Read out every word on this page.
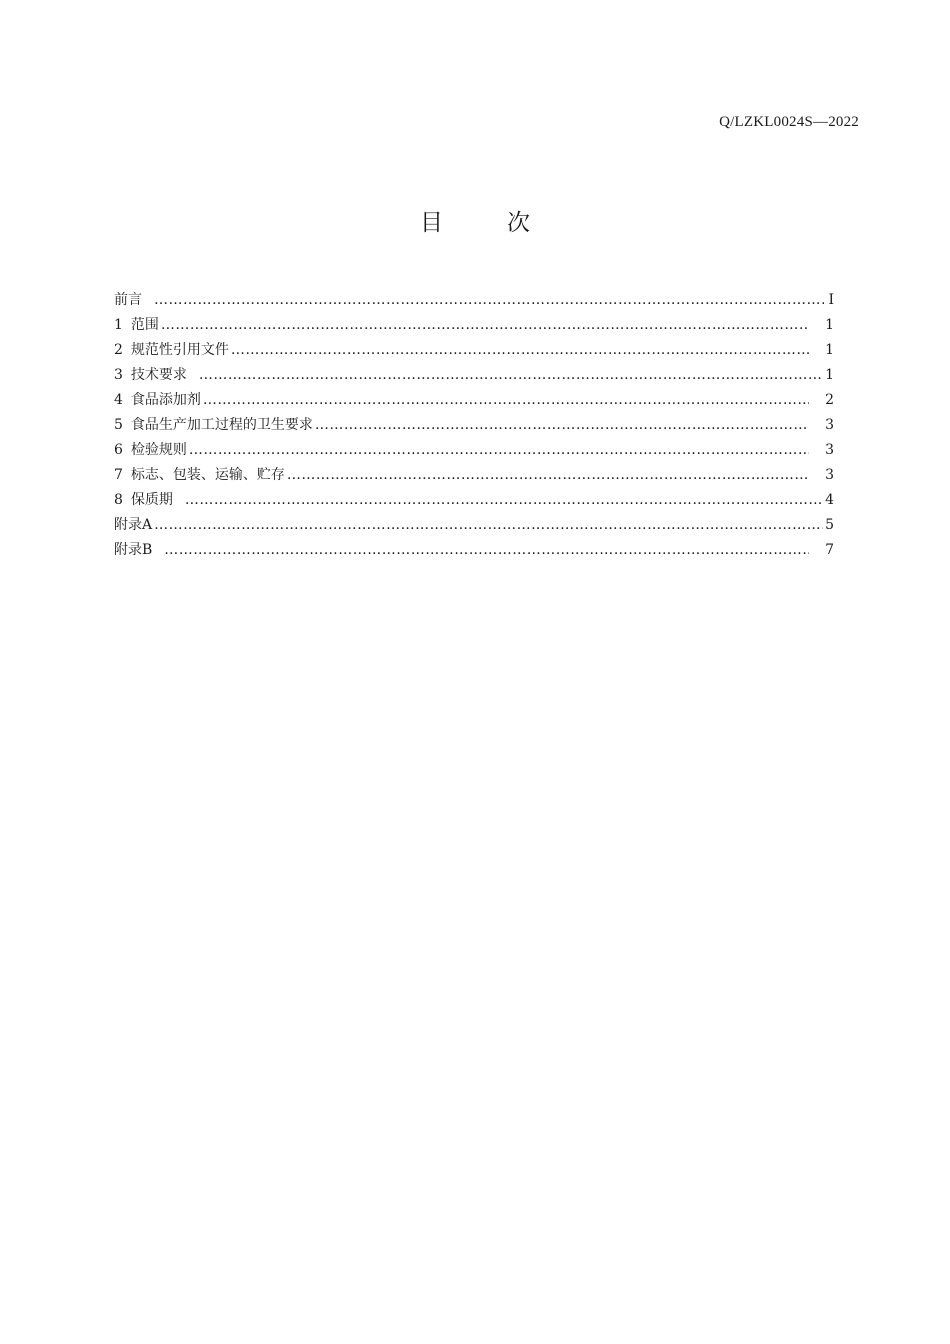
Q/LZKL0024S—2022
目	次
前言 ………………………………………………………………………………………………………………………………………………………………………………………………………………………………………………	I
1 范围 ………………………………………………………………………………………………………………………………………………………………………………………………………………………………………………	1
2 规范性引用文件 ………………………………………………………………………………………………………………………………………………………………………………………………………………………………………………	1
3 技术要求 ………………………………………………………………………………………………………………………………………………………………………………………………………………………………………………	1
4 食品添加剂 ………………………………………………………………………………………………………………………………………………………………………………………………………………………………………………	2
5 食品生产加工过程的卫生要求 ………………………………………………………………………………………………………………………………………………………………………………………………………………………………………………	3
6 检验规则 ………………………………………………………………………………………………………………………………………………………………………………………………………………………………………………	3
7 标志、包装、运输、贮存 ………………………………………………………………………………………………………………………………………………………………………………………………………………………………………………	3
8 保质期 ………………………………………………………………………………………………………………………………………………………………………………………………………………………………………………	4
附录A ………………………………………………………………………………………………………………………………………………………………………………………………………………………………………………	5
附录B ………………………………………………………………………………………………………………………………………………………………………………………………………………………………………………	7
